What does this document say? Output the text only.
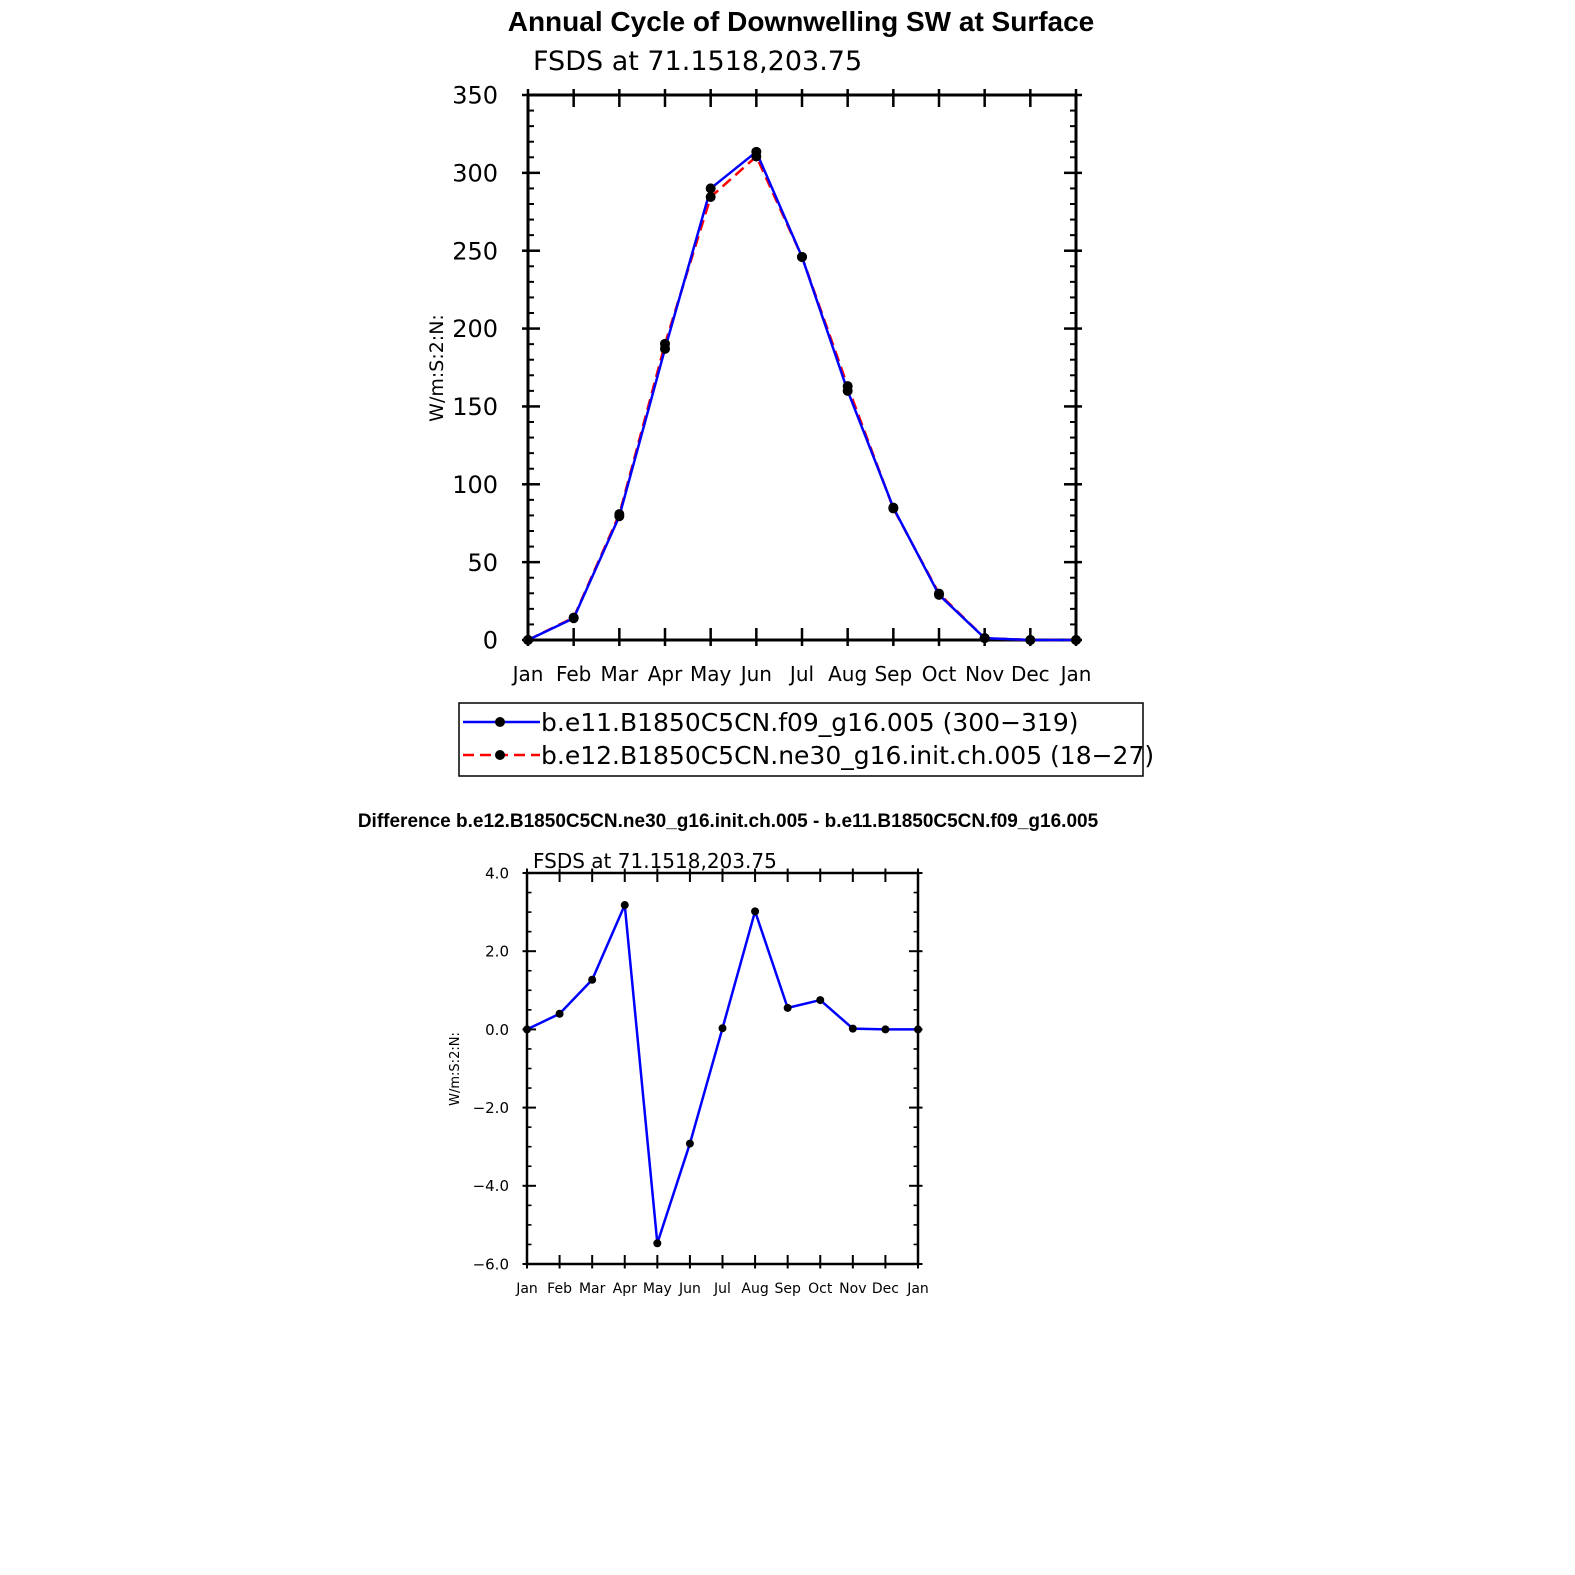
Annual Cycle of Downwelling SW at Surface
FSDS at 71.1518,203.75
Jan Feb Mar Apr May Jun Jul Aug Sep Oct Nov Dec Jan
0
50
100
150
200
250
300
350
W/m:S:2:N:
b.e11.B1850C5CN.f09_g16.005 (300−319)
b.e12.B1850C5CN.ne30_g16.init.ch.005 (18−27)
Difference b.e12.B1850C5CN.ne30_g16.init.ch.005 - b.e11.B1850C5CN.f09_g16.005
FSDS at 71.1518,203.75
Jan Feb Mar Apr May Jun Jul Aug Sep Oct Nov Dec Jan
−6.0
−4.0
−2.0
0.0
2.0
4.0
W/m:S:2:N:
